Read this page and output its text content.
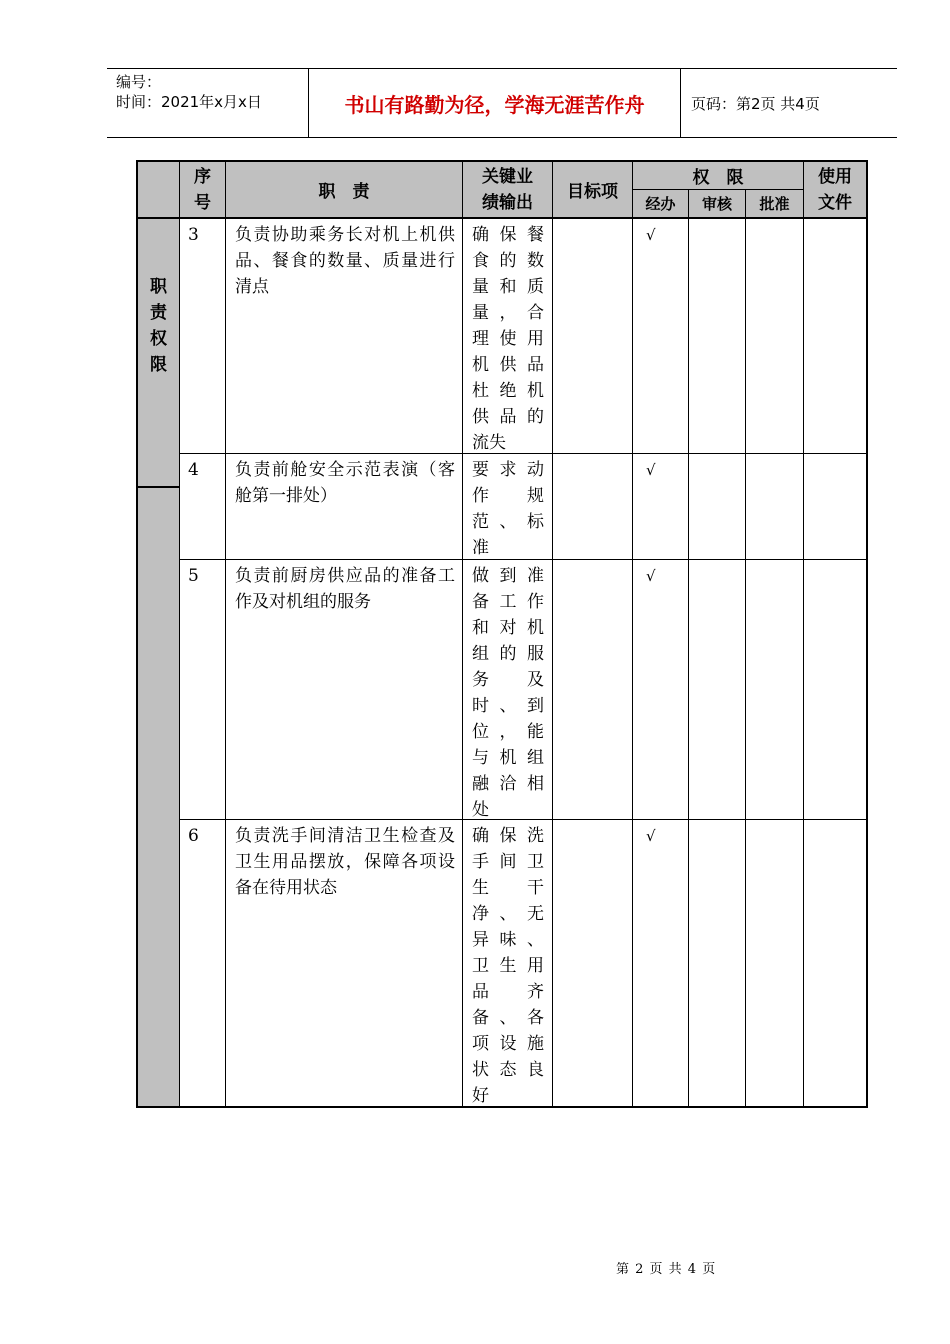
编号：
时间：2021年x月x日	书山有路勤为径，学海无涯苦作舟	页码：第2页 共4页
职
责
权
限
序
号
职　责
关键业
绩输出
目标项
权　限
经办 审核 批准
使用
文件
3 负责协助乘务长对机上机供品、餐食的数量、质量进行 清点
确保餐
食的数
量和质
量，合
理使用
机供品
杜绝机
供品的
流失
√
4 负责前舱安全示范表演（客舱第一排处）
要求动
作　规
范、标
准
√
5 负责前厨房供应品的准备工作及对机组的服务
做到准
备工作
和对机
组的服
务　及
时、到
位，能
与机组
融洽相
处
√
6 负责洗手间清洁卫生检查及卫生用品摆放，保障各项设备在待用状态
确保洗
手间卫
生　干
净、无
异味、
卫生用
品　齐
备、各
项设施
状态良
好
√
第 2 页 共 4 页
